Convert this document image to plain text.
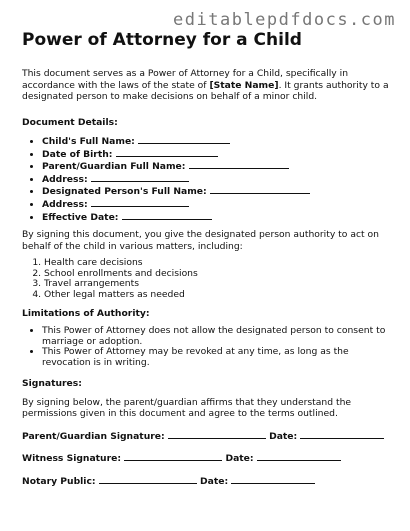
editablepdfdocs.com
Power of Attorney for a Child

This document serves as a Power of Attorney for a Child, specifically in accordance with the laws of the state of [State Name]. It grants authority to a designated person to make decisions on behalf of a minor child.

Document Details:
• Child's Full Name:
• Date of Birth:
• Parent/Guardian Full Name:
• Address:
• Designated Person's Full Name:
• Address:
• Effective Date:

By signing this document, you give the designated person authority to act on behalf of the child in various matters, including:

1. Health care decisions
2. School enrollments and decisions
3. Travel arrangements
4. Other legal matters as needed
Limitations of Authority:
• This Power of Attorney does not allow the designated person to consent to marriage or adoption.
• This Power of Attorney may be revoked at any time, as long as the revocation is in writing.
Signatures:

By signing below, the parent/guardian affirms that they understand the permissions given in this document and agree to the terms outlined.

Parent/Guardian Signature:	Date:
Witness Signature:	Date:
Notary Public:	Date:
